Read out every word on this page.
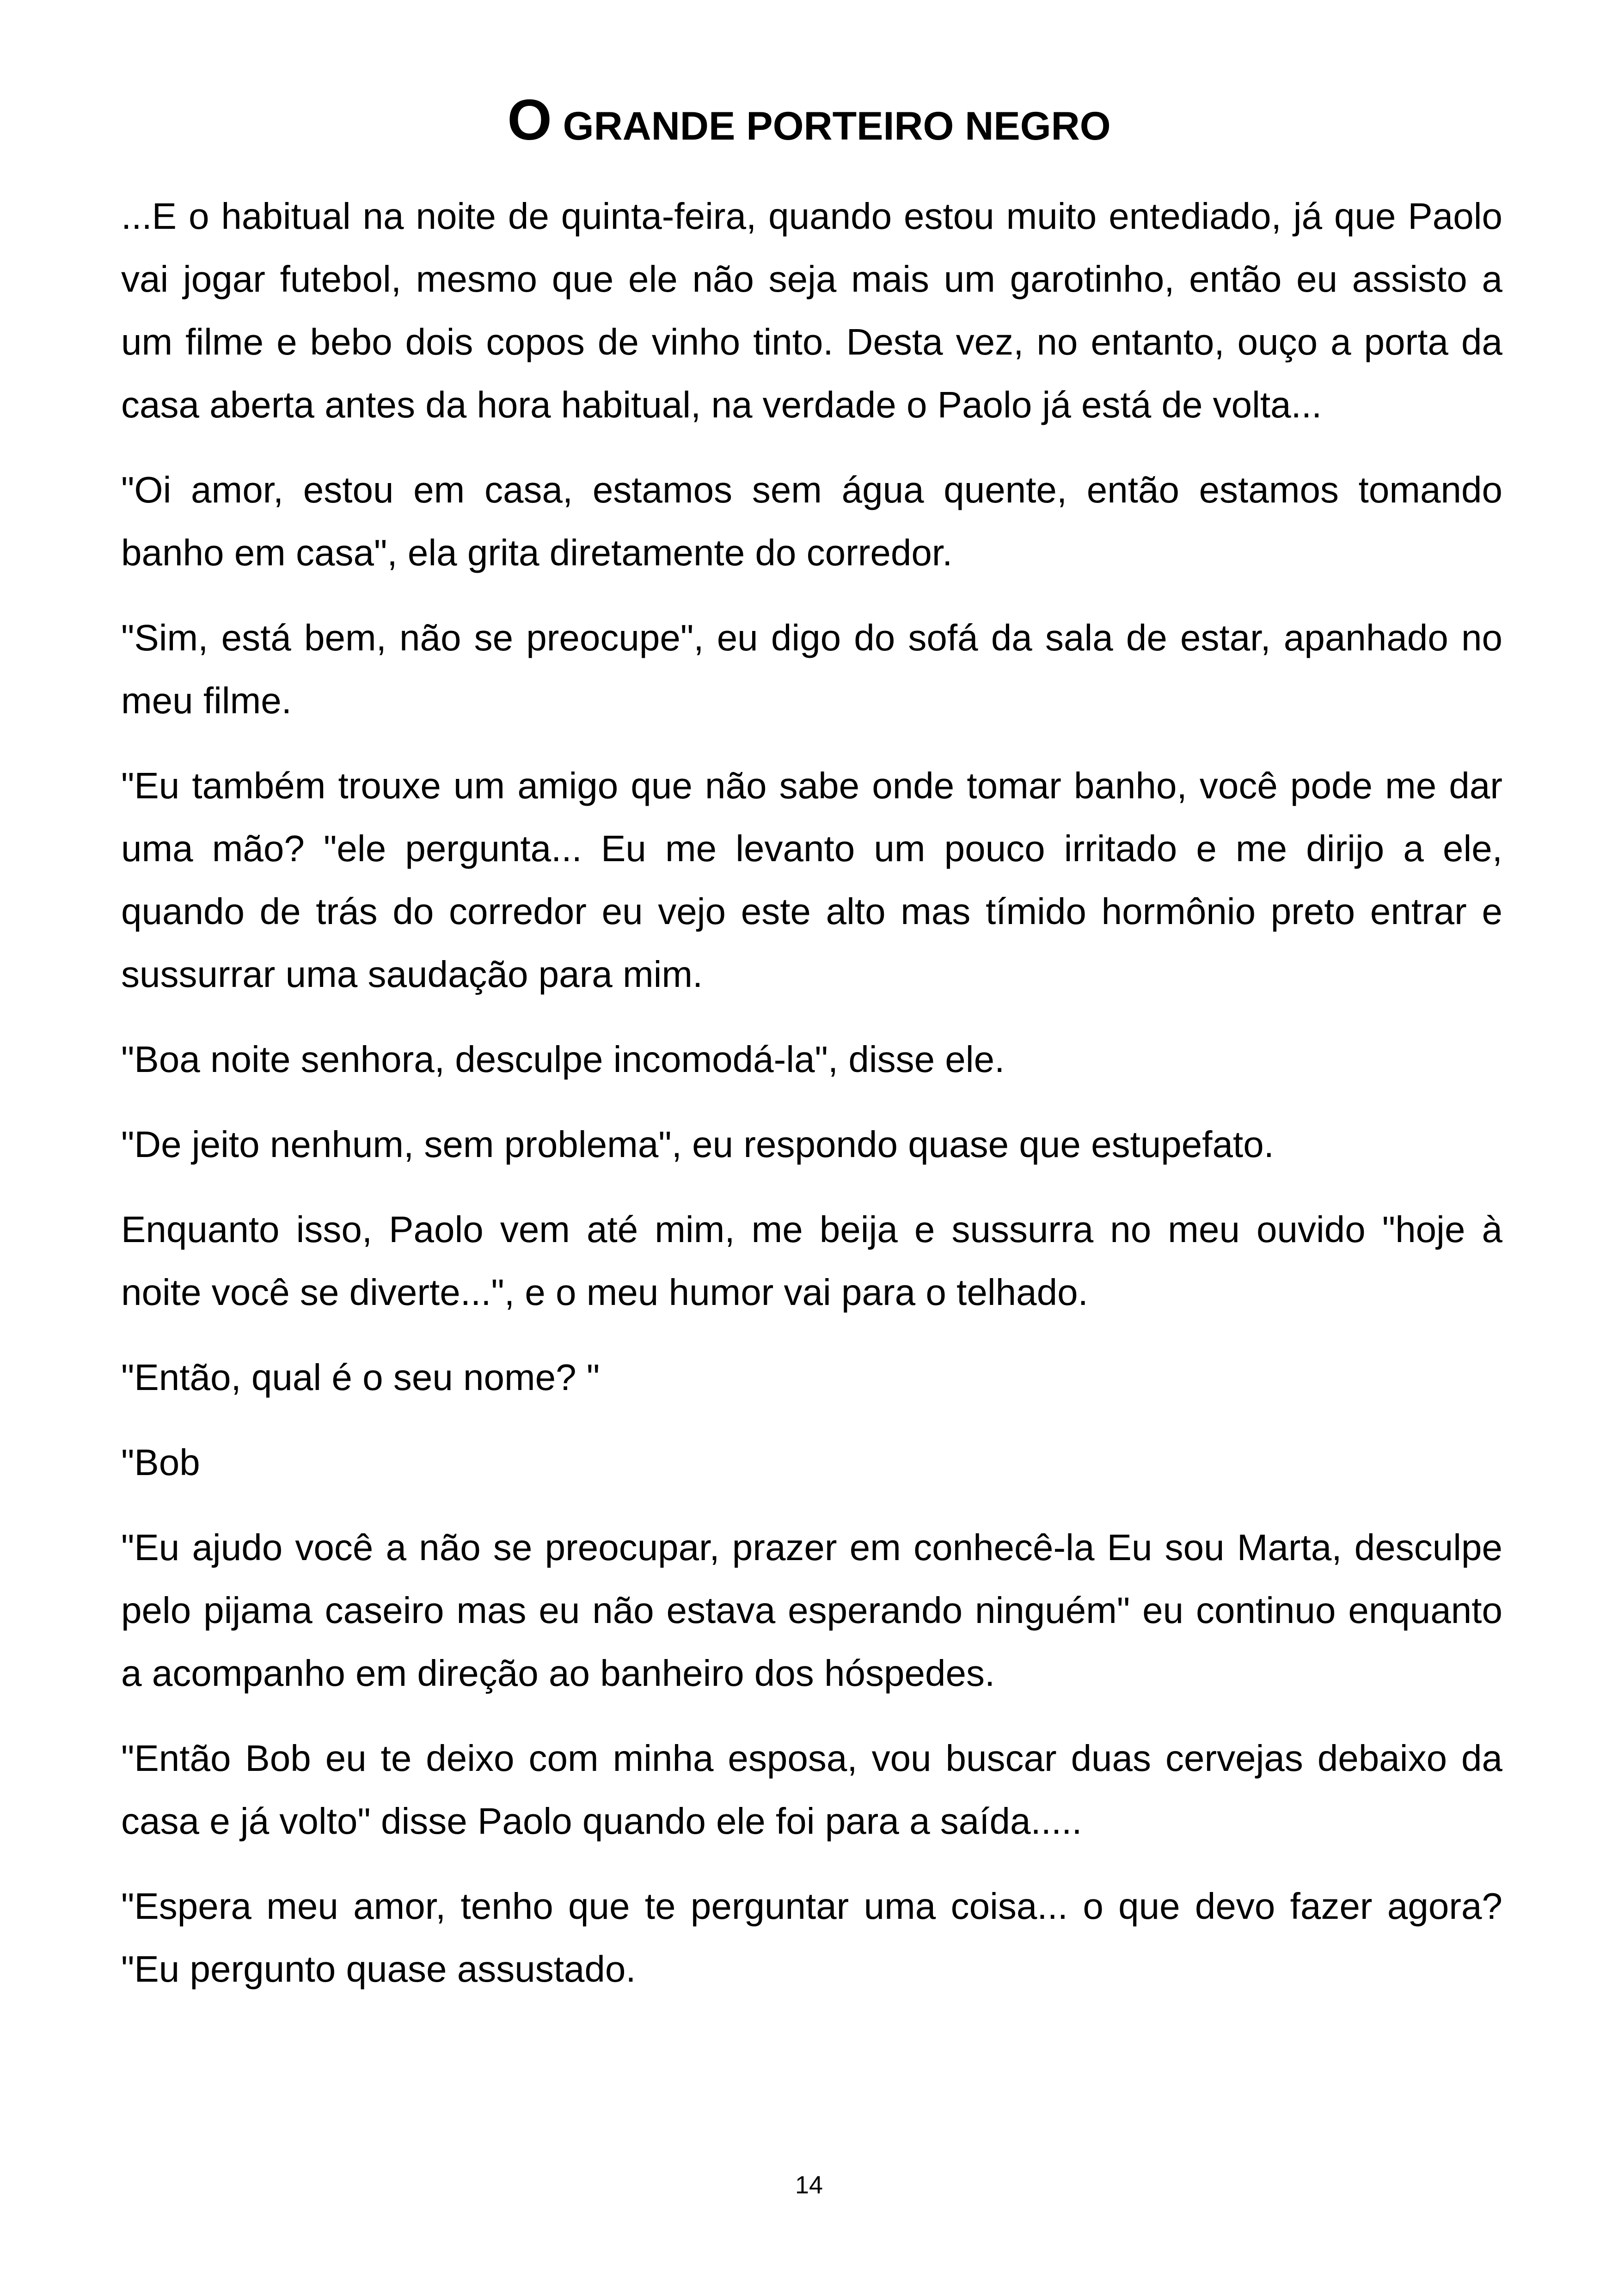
O GRANDE PORTEIRO NEGRO

...E o habitual na noite de quinta-feira, quando estou muito entediado, já que Paolo vai jogar futebol, mesmo que ele não seja mais um garotinho, então eu assisto a um filme e bebo dois copos de vinho tinto. Desta vez, no entanto, ouço a porta da casa aberta antes da hora habitual, na verdade o Paolo já está de volta...

"Oi amor, estou em casa, estamos sem água quente, então estamos tomando banho em casa", ela grita diretamente do corredor.

"Sim, está bem, não se preocupe", eu digo do sofá da sala de estar, apanhado no meu filme.

"Eu também trouxe um amigo que não sabe onde tomar banho, você pode me dar uma mão? "ele pergunta... Eu me levanto um pouco irritado e me dirijo a ele, quando de trás do corredor eu vejo este alto mas tímido hormônio preto entrar e sussurrar uma saudação para mim.

"Boa noite senhora, desculpe incomodá-la", disse ele.

"De jeito nenhum, sem problema", eu respondo quase que estupefato.

Enquanto isso, Paolo vem até mim, me beija e sussurra no meu ouvido "hoje à noite você se diverte...", e o meu humor vai para o telhado.

"Então, qual é o seu nome? "

"Bob

"Eu ajudo você a não se preocupar, prazer em conhecê-la Eu sou Marta, desculpe pelo pijama caseiro mas eu não estava esperando ninguém" eu continuo enquanto a acompanho em direção ao banheiro dos hóspedes.

"Então Bob eu te deixo com minha esposa, vou buscar duas cervejas debaixo da casa e já volto" disse Paolo quando ele foi para a saída.....

"Espera meu amor, tenho que te perguntar uma coisa... o que devo fazer agora? "Eu pergunto quase assustado.

14
